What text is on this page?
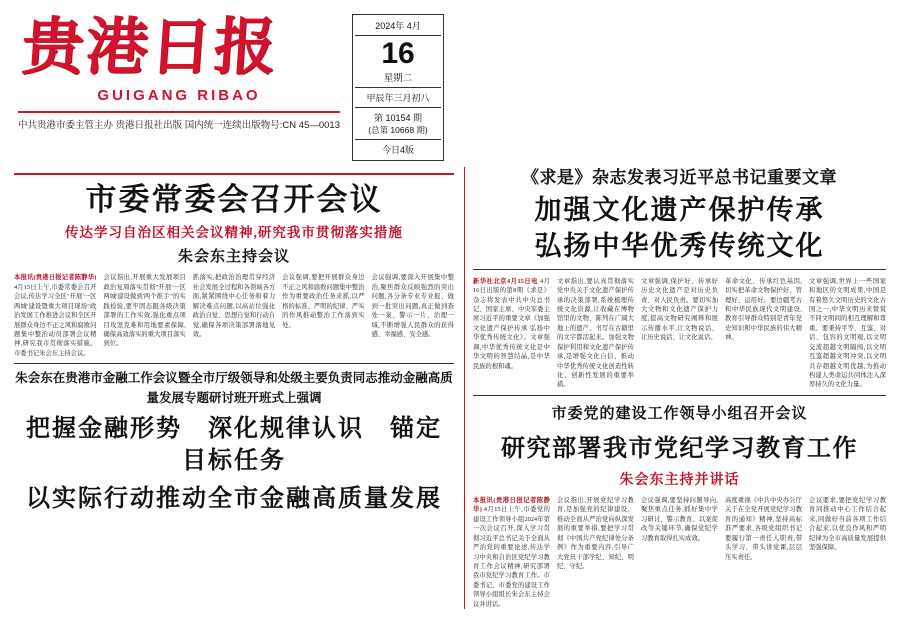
贵港日报
GUIGANG RIBAO
中共贵港市委主管主办 贵港日报社出版 国内统一连续出版物号:CN 45—0013
2024年 4月
16
星期二
甲辰年三月初八
第 10154 期
(总第 10668 期)
今日4版
市委常委会召开会议
传达学习自治区相关会议精神,研究我市贯彻落实措施
朱会东主持会议
本报讯(贵港日报记者陈静华) 4月15日上午,市委常委会召开会议,传达学习全区"开展'一区两城'建设暨重大项目现场"政治发展工作推进会议和全区开展群众身边不正之风和腐败问题集中整治动员部署会议精神,研究我市贯彻落实措施。市委书记朱会东主持会议。
会议指出,开展重大发展项目政治复周落实贯彻"开展'一区两城'建设做到'两个推手'"的实践检验,要牢固态跟各级决策部署的工作实效,强化重点项目攻坚克难和用地要素保障,确保高效落实的重大项目落实到位。
抓落实,把政治治理贯穿经济社会发展全过程和各领域各方面,紧紧围绕中心任务和着力解决难点问题,以高站位强化政治自觉、思想自觉和行动自觉,确保各项决策部署落地见效。
会议强调,要把开展群众身边不正之风和腐败问题集中整治作为重要政治任务来抓,以严格的标准、严明的纪律、严实的作风推动整治工作落到实处。
会议强调,要深入开展集中整治,聚焦群众反映强烈的突出问题,各分条专业专业报、做到一批突出问题,真正做到查处一案、警示一片、治理一域,不断增强人民群众的获得感、幸福感、安全感。
朱会东在贵港市金融工作会议暨全市厅级领导和处级主要负责同志推动金融高质量发展专题研讨班开班式上强调
把握金融形势　深化规律认识　锚定目标任务
以实际行动推动全市金融高质量发展
《求是》杂志发表习近平总书记重要文章
加强文化遗产保护传承
弘扬中华优秀传统文化
新华社北京4月15日电 4月16日出版的第8期《求是》杂志将发表中共中央总书记、国家主席、中央军委主席习近平的重要文章《加强文化遗产保护传承 弘扬中华优秀传统文化》。文章强调,中华优秀传统文化是中华文明的智慧结晶,是中华民族的根和魂。
文章指出,要认真贯彻落实党中央关于文化遗产保护传承的决策部署,系统梳理传统文化资源,让收藏在博物馆里的文物、陈列在广阔大地上的遗产、书写在古籍里的文字都活起来。加强文物保护利用和文化遗产保护传承,是增强文化自信、推动中华优秀传统文化创造性转化、创新性发展的重要举措。
文章强调,保护好、传承好历史文化遗产是对历史负责、对人民负责。要切实加大文物和文化遗产保护力度,提高文物研究阐释和展示传播水平,让文物说话、让历史说话、让文化说话。
革命文化、传承红色基因,切实把革命文物保护好、管理好、运用好。要边疆考古和中华民族现代文明建设,教育引导群众特别是青年党史知识和中华民族的伟大精神。
文章强调,世界上一些国家和地区的文明成果,中国是有着悠久文明历史的文化古国之一,中华文明历来赞赏不同文明间的相互理解和尊重。要秉持平等、互鉴、对话、包容的文明观,以文明交流超越文明隔阂,以文明互鉴超越文明冲突,以文明共存超越文明优越,为推动构建人类命运共同体注入深厚持久的文化力量。
市委党的建设工作领导小组召开会议
研究部署我市党纪学习教育工作
朱会东主持并讲话
本报讯(贵港日报记者陈静华) 4月15日上午,市委党的建设工作领导小组2024年第一次会议召开,深入学习贯彻习近平总书记关于全面从严治党的重要论述,传达学习中央和自治区党纪学习教育工作会议精神,研究部署我市党纪学习教育工作。市委书记、市委党的建设工作领导小组组长朱会东主持会议并讲话。
会议指出,开展党纪学习教育,是加强党的纪律建设、推动全面从严治党向纵深发展的重要举措,要把学习贯彻《中国共产党纪律处分条例》作为重要内容,引导广大党员干部学纪、知纪、明纪、守纪。
会议强调,要坚持问题导向,聚焦重点任务,抓好集中学习研讨、警示教育、以案促改等关键环节,确保党纪学习教育取得扎实成效。
高度重视《中共中央办公厅关于在全党开展党纪学习教育的通知》精神,坚持高标准严要求,各级党组织书记要履行第一责任人职责,带头学习、带头讲党课,层层压实责任。
会议要求,要把党纪学习教育同推动中心工作结合起来,同做好当前各项工作结合起来,以优良作风和严明纪律为全市高质量发展提供坚强保障。
